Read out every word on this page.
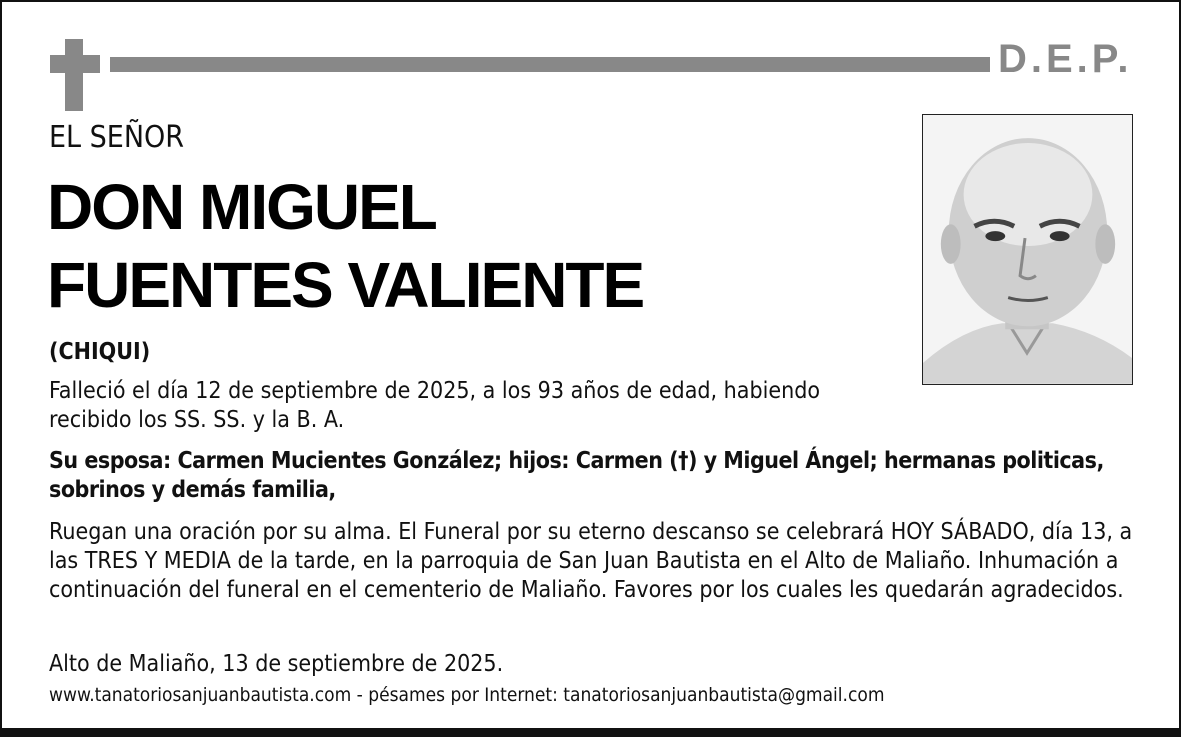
D.E.P.
EL SEÑOR
DON MIGUEL
FUENTES VALIENTE
(CHIQUI)

Falleció el día 12 de septiembre de 2025, a los 93 años de edad, habiendo recibido los SS. SS. y la B. A.

Su esposa: Carmen Mucientes González; hijos: Carmen (†) y Miguel Ángel; hermanas politicas, sobrinos y demás familia,

Ruegan una oración por su alma. El Funeral por su eterno descanso se celebrará HOY SÁBADO, día 13, a las TRES Y MEDIA de la tarde, en la parroquia de San Juan Bautista en el Alto de Maliaño. Inhumación a continuación del funeral en el cementerio de Maliaño. Favores por los cuales les quedarán agradecidos.

Alto de Maliaño, 13 de septiembre de 2025.

www.tanatoriosanjuanbautista.com - pésames por Internet: tanatoriosanjuanbautista@gmail.com
